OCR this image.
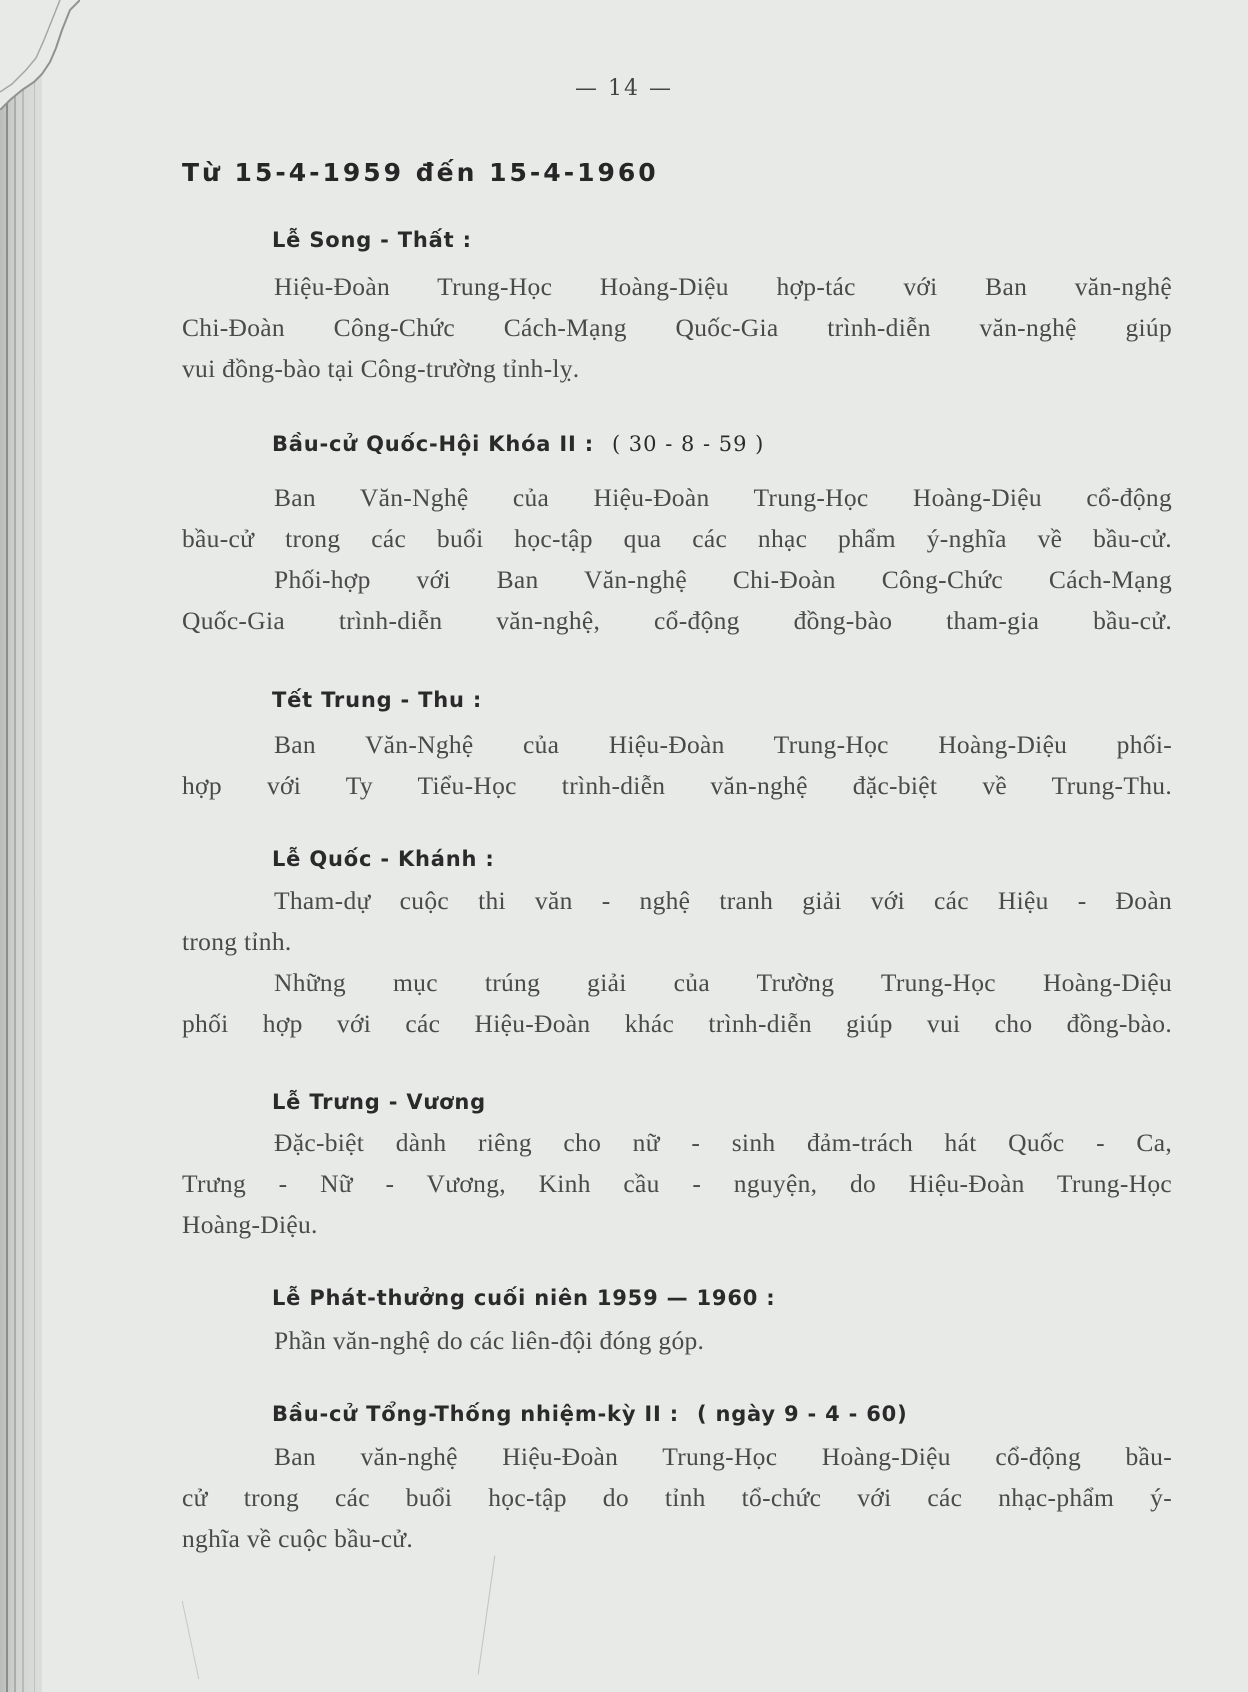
— 14 —
Từ 15-4-1959 đến 15-4-1960
Lễ Song - Thất :
Hiệu-Đoàn Trung-Học Hoàng-Diệu hợp-tác với Ban văn-nghệ
Chi-Đoàn Công-Chức Cách-Mạng Quốc-Gia trình-diễn văn-nghệ giúp
vui đồng-bào tại Công-trường tỉnh-lỵ.
Bầu-cử Quốc-Hội Khóa II : ( 30 - 8 - 59 )
Ban Văn-Nghệ của Hiệu-Đoàn Trung-Học Hoàng-Diệu cổ-động
bầu-cử trong các buổi học-tập qua các nhạc phẩm ý-nghĩa về bầu-cử.
Phối-hợp với Ban Văn-nghệ Chi-Đoàn Công-Chức Cách-Mạng
Quốc-Gia trình-diễn văn-nghệ, cổ-động đồng-bào tham-gia bầu-cử.
Tết Trung - Thu :
Ban Văn-Nghệ của Hiệu-Đoàn Trung-Học Hoàng-Diệu phối-
hợp với Ty Tiểu-Học trình-diễn văn-nghệ đặc-biệt về Trung-Thu.
Lễ Quốc - Khánh :
Tham-dự cuộc thi văn - nghệ tranh giải với các Hiệu - Đoàn
trong tỉnh.
Những mục trúng giải của Trường Trung-Học Hoàng-Diệu
phối hợp với các Hiệu-Đoàn khác trình-diễn giúp vui cho đồng-bào.
Lễ Trưng - Vương
Đặc-biệt dành riêng cho nữ - sinh đảm-trách hát Quốc - Ca,
Trưng - Nữ - Vương, Kinh cầu - nguyện, do Hiệu-Đoàn Trung-Học
Hoàng-Diệu.
Lễ Phát-thưởng cuối niên 1959 — 1960 :
Phần văn-nghệ do các liên-đội đóng góp.
Bầu-cử Tổng-Thống nhiệm-kỳ II : ( ngày 9 - 4 - 60)
Ban văn-nghệ Hiệu-Đoàn Trung-Học Hoàng-Diệu cổ-động bầu-
cử trong các buổi học-tập do tỉnh tổ-chức với các nhạc-phẩm ý-
nghĩa về cuộc bầu-cử.
